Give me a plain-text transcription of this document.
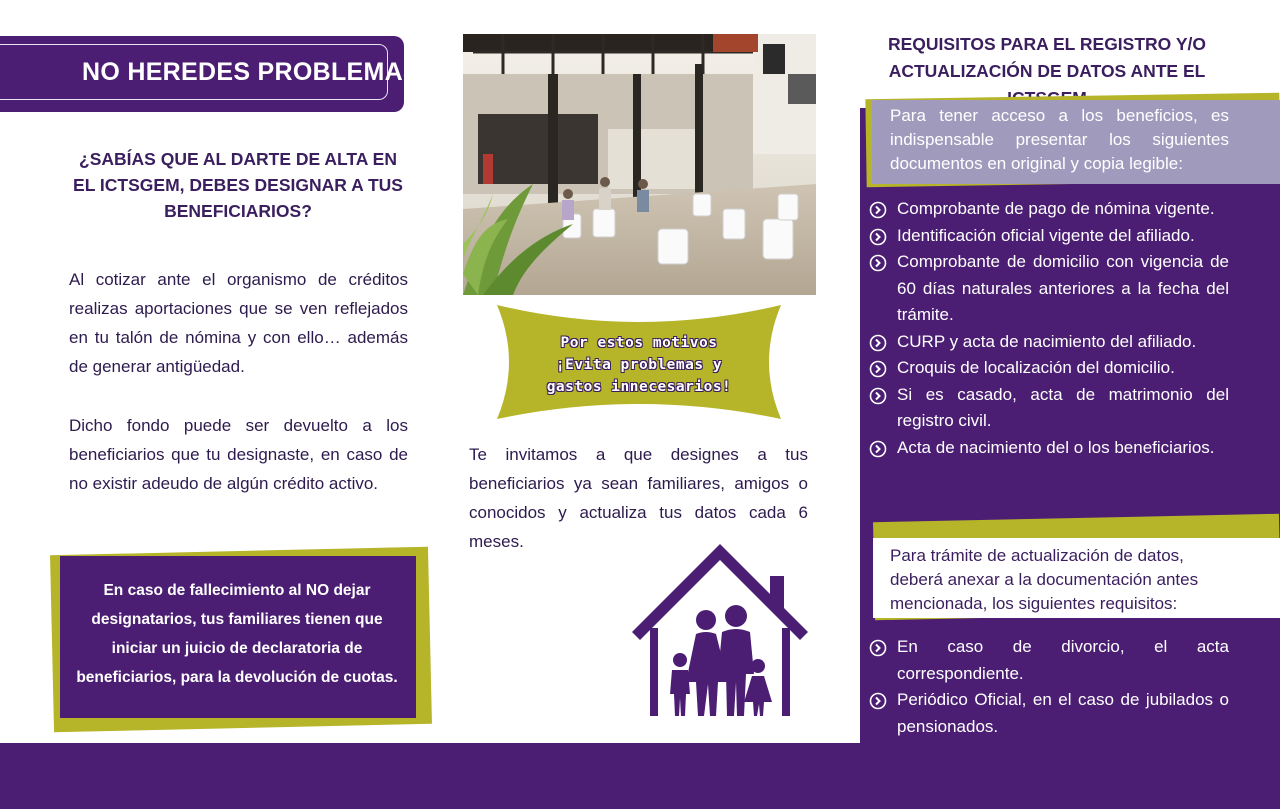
NO HEREDES PROBLEMAS
¿SABÍAS QUE AL DARTE DE ALTA EN EL ICTSGEM, DEBES DESIGNAR A TUS BENEFICIARIOS?

Al cotizar ante el organismo de créditos realizas aportaciones que se ven reflejados en tu talón de nómina y con ello… además de generar antigüedad.

Dicho fondo puede ser devuelto a los beneficiarios que tu designaste, en caso de no existir adeudo de algún crédito activo.

En caso de fallecimiento al NO dejar designatarios, tus familiares tienen que iniciar un juicio de declaratoria de beneficiarios, para la devolución de cuotas.
Por estos motivos
¡Evita problemas y
gastos innecesarios!

Te invitamos a que designes a tus beneficiarios ya sean familiares, amigos o conocidos y actualiza tus datos cada 6 meses.

REQUISITOS PARA EL REGISTRO Y/O ACTUALIZACIÓN DE DATOS ANTE EL

Para tener acceso a los beneficios, es indispensable presentar los siguientes documentos en original y copia legible:

Comprobante de pago de nómina vigente.
Identificación oficial vigente del afiliado.
Comprobante de domicilio con vigencia de 60 días naturales anteriores a la fecha del trámite.
CURP y acta de nacimiento del afiliado.
Croquis de localización del domicilio.
Si es casado, acta de matrimonio del registro civil.
Acta de nacimiento del o los beneficiarios.

Para trámite de actualización de datos, deberá anexar a la documentación antes mencionada, los siguientes requisitos:

En caso de divorcio, el acta correspondiente.
Periódico Oficial, en el caso de jubilados o pensionados.
